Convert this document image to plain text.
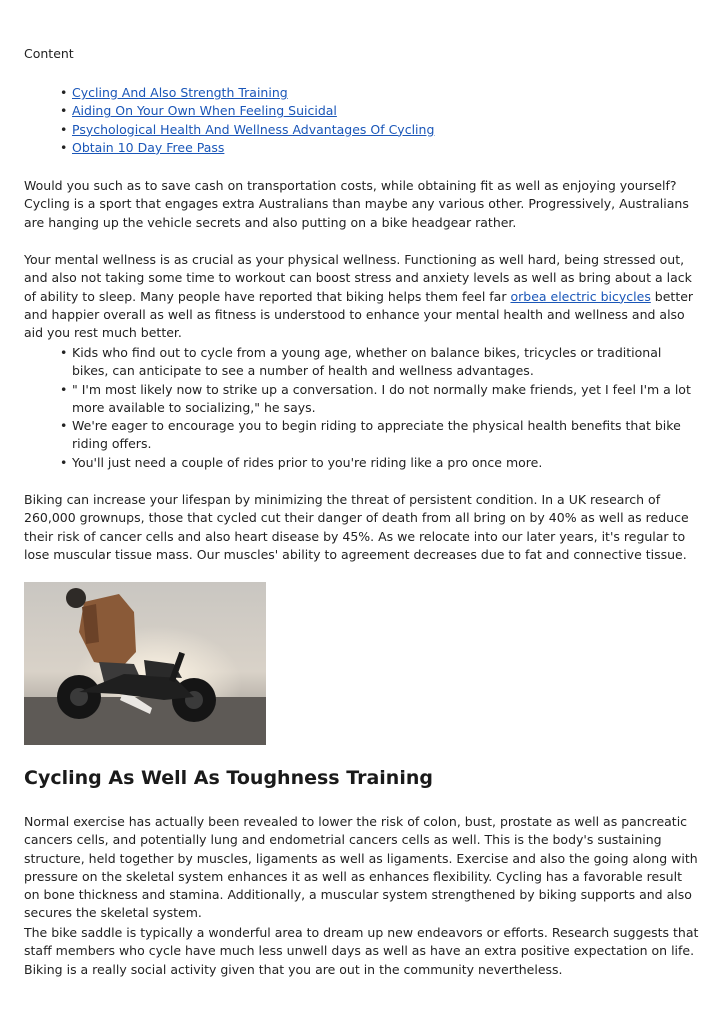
Content
• Cycling And Also Strength Training
• Aiding On Your Own When Feeling Suicidal
• Psychological Health And Wellness Advantages Of Cycling
• Obtain 10 Day Free Pass

Would you such as to save cash on transportation costs, while obtaining fit as well as enjoying yourself? Cycling is a sport that engages extra Australians than maybe any various other. Progressively, Australians are hanging up the vehicle secrets and also putting on a bike headgear rather.

Your mental wellness is as crucial as your physical wellness. Functioning as well hard, being stressed out, and also not taking some time to workout can boost stress and anxiety levels as well as bring about a lack of ability to sleep. Many people have reported that biking helps them feel far orbea electric bicycles better and happier overall as well as fitness is understood to enhance your mental health and wellness and also aid you rest much better.

• Kids who find out to cycle from a young age, whether on balance bikes, tricycles or traditional bikes, can anticipate to see a number of health and wellness advantages.
• " I'm most likely now to strike up a conversation. I do not normally make friends, yet I feel I'm a lot more available to socializing," he says.
• We're eager to encourage you to begin riding to appreciate the physical health benefits that bike riding offers.
• You'll just need a couple of rides prior to you're riding like a pro once more.

Biking can increase your lifespan by minimizing the threat of persistent condition. In a UK research of 260,000 grownups, those that cycled cut their danger of death from all bring on by 40% as well as reduce their risk of cancer cells and also heart disease by 45%. As we relocate into our later years, it's regular to lose muscular tissue mass. Our muscles' ability to agreement decreases due to fat and connective tissue.

Cycling As Well As Toughness Training

Normal exercise has actually been revealed to lower the risk of colon, bust, prostate as well as pancreatic cancers cells, and potentially lung and endometrial cancers cells as well. This is the body's sustaining structure, held together by muscles, ligaments as well as ligaments. Exercise and also the going along with pressure on the skeletal system enhances it as well as enhances flexibility. Cycling has a favorable result on bone thickness and stamina. Additionally, a muscular system strengthened by biking supports and also secures the skeletal system.

The bike saddle is typically a wonderful area to dream up new endeavors or efforts. Research suggests that staff members who cycle have much less unwell days as well as have an extra positive expectation on life. Biking is a really social activity given that you are out in the community nevertheless.
